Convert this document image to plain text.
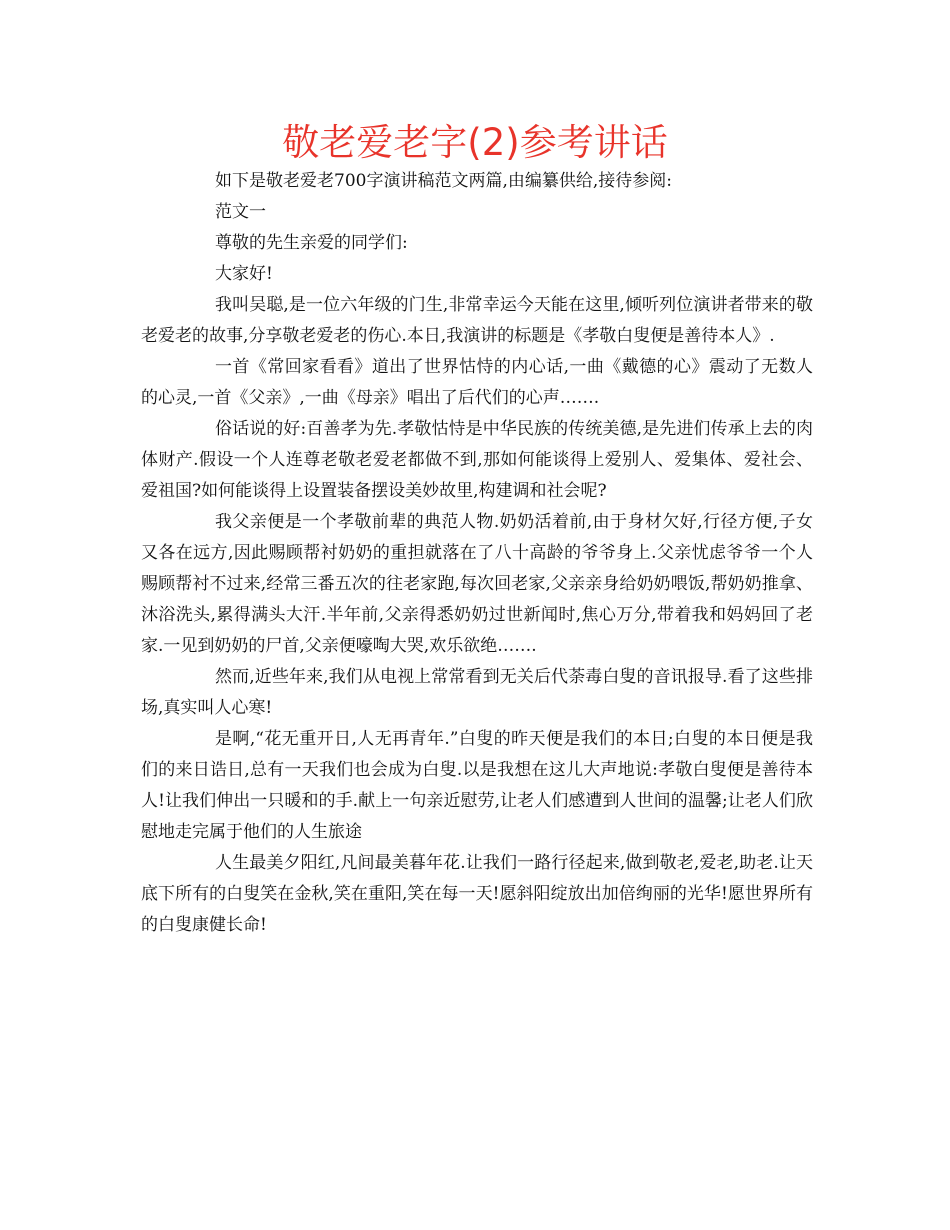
敬老爱老字(2)参考讲话

如下是敬老爱老700字演讲稿范文两篇,由编纂供给,接待参阅:

范文一

尊敬的先生亲爱的同学们:

大家好!

我叫吴聪,是一位六年级的门生,非常幸运今天能在这里,倾听列位演讲者带来的敬老爱老的故事,分享敬老爱老的伤心.本日,我演讲的标题是《孝敬白叟便是善待本人》.

一首《常回家看看》道出了世界怙恃的内心话,一曲《戴德的心》震动了无数人的心灵,一首《父亲》,一曲《母亲》唱出了后代们的心声…….

俗话说的好:百善孝为先.孝敬怙恃是中华民族的传统美德,是先进们传承上去的肉体财产.假设一个人连尊老敬老爱老都做不到,那如何能谈得上爱别人、爱集体、爱社会、爱祖国?如何能谈得上设置装备摆设美妙故里,构建调和社会呢?

我父亲便是一个孝敬前辈的典范人物.奶奶活着前,由于身材欠好,行径方便,子女又各在远方,因此赐顾帮衬奶奶的重担就落在了八十高龄的爷爷身上.父亲忧虑爷爷一个人赐顾帮衬不过来,经常三番五次的往老家跑,每次回老家,父亲亲身给奶奶喂饭,帮奶奶推拿、沐浴洗头,累得满头大汗.半年前,父亲得悉奶奶过世新闻时,焦心万分,带着我和妈妈回了老家.一见到奶奶的尸首,父亲便嚎啕大哭,欢乐欲绝…….

然而,近些年来,我们从电视上常常看到无关后代荼毒白叟的音讯报导.看了这些排场,真实叫人心寒!

是啊,“花无重开日,人无再青年.”白叟的昨天便是我们的本日;白叟的本日便是我们的来日诰日,总有一天我们也会成为白叟.以是我想在这儿大声地说:孝敬白叟便是善待本人!让我们伸出一只暖和的手.献上一句亲近慰劳,让老人们感遭到人世间的温馨;让老人们欣慰地走完属于他们的人生旅途

人生最美夕阳红,凡间最美暮年花.让我们一路行径起来,做到敬老,爱老,助老.让天底下所有的白叟笑在金秋,笑在重阳,笑在每一天!愿斜阳绽放出加倍绚丽的光华!愿世界所有的白叟康健长命!
